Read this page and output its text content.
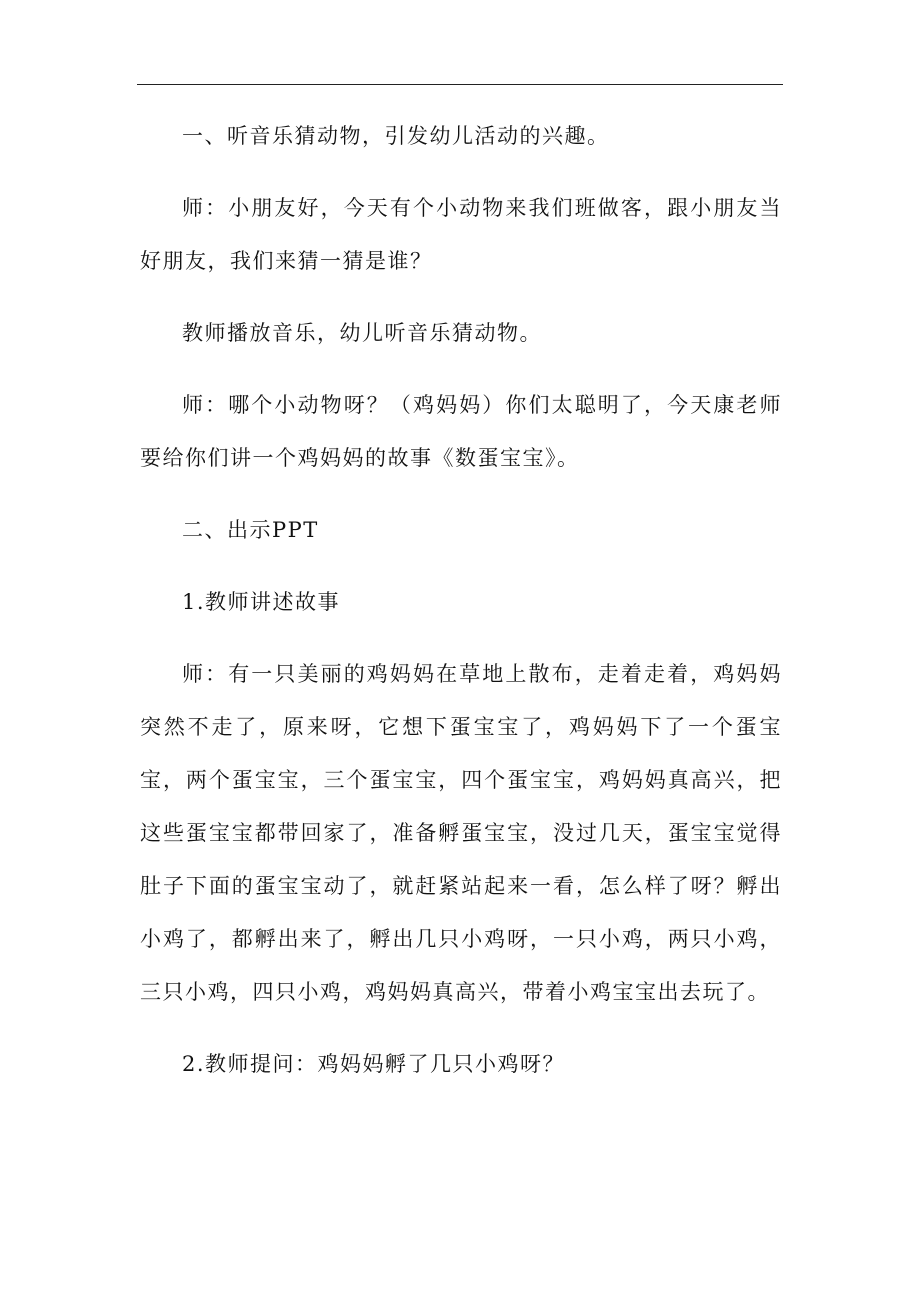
一、听音乐猜动物，引发幼儿活动的兴趣。

师：小朋友好，今天有个小动物来我们班做客，跟小朋友当好朋友，我们来猜一猜是谁？

教师播放音乐，幼儿听音乐猜动物。

师：哪个小动物呀？（鸡妈妈）你们太聪明了，今天康老师要给你们讲一个鸡妈妈的故事《数蛋宝宝》。

二、出示PPT

1.教师讲述故事

师：有一只美丽的鸡妈妈在草地上散布，走着走着，鸡妈妈突然不走了，原来呀，它想下蛋宝宝了，鸡妈妈下了一个蛋宝宝，两个蛋宝宝，三个蛋宝宝，四个蛋宝宝，鸡妈妈真高兴，把这些蛋宝宝都带回家了，准备孵蛋宝宝，没过几天，蛋宝宝觉得肚子下面的蛋宝宝动了，就赶紧站起来一看，怎么样了呀？孵出小鸡了，都孵出来了，孵出几只小鸡呀，一只小鸡，两只小鸡，三只小鸡，四只小鸡，鸡妈妈真高兴，带着小鸡宝宝出去玩了。

2.教师提问：鸡妈妈孵了几只小鸡呀？
